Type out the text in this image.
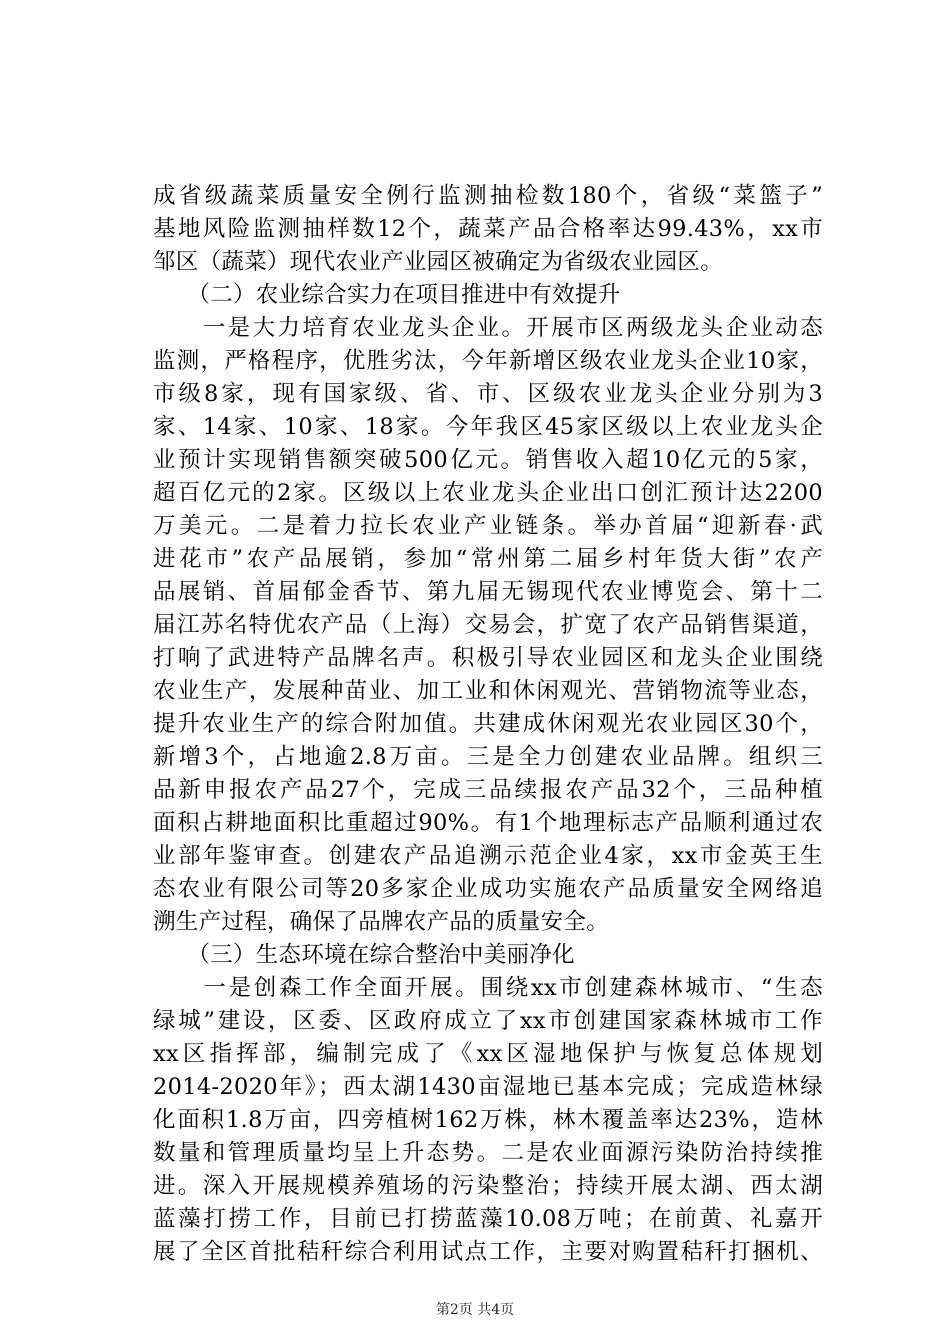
成省级蔬菜质量安全例行监测抽检数180个，省级“菜篮子”
基地风险监测抽样数12个，蔬菜产品合格率达99.43%，xx市
邹区（蔬菜）现代农业产业园区被确定为省级农业园区。
　　（二）农业综合实力在项目推进中有效提升
　　一是大力培育农业龙头企业。开展市区两级龙头企业动态
监测，严格程序，优胜劣汰，今年新增区级农业龙头企业10家，
市级8家，现有国家级、省、市、区级农业龙头企业分别为3
家、14家、10家、18家。今年我区45家区级以上农业龙头企
业预计实现销售额突破500亿元。销售收入超10亿元的5家，
超百亿元的2家。区级以上农业龙头企业出口创汇预计达2200
万美元。二是着力拉长农业产业链条。举办首届“迎新春·武
进花市”农产品展销，参加“常州第二届乡村年货大街”农产
品展销、首届郁金香节、第九届无锡现代农业博览会、第十二
届江苏名特优农产品（上海）交易会，扩宽了农产品销售渠道，
打响了武进特产品牌名声。积极引导农业园区和龙头企业围绕
农业生产，发展种苗业、加工业和休闲观光、营销物流等业态，
提升农业生产的综合附加值。共建成休闲观光农业园区30个，
新增3个，占地逾2.8万亩。三是全力创建农业品牌。组织三
品新申报农产品27个，完成三品续报农产品32个，三品种植
面积占耕地面积比重超过90%。有1个地理标志产品顺利通过农
业部年鉴审查。创建农产品追溯示范企业4家，xx市金英王生
态农业有限公司等20多家企业成功实施农产品质量安全网络追
溯生产过程，确保了品牌农产品的质量安全。
　　（三）生态环境在综合整治中美丽净化
　　一是创森工作全面开展。围绕xx市创建森林城市、“生态
绿城”建设，区委、区政府成立了xx市创建国家森林城市工作
xx区指挥部，编制完成了《xx区湿地保护与恢复总体规划
2014-2020年》；西太湖1430亩湿地已基本完成；完成造林绿
化面积1.8万亩，四旁植树162万株，林木覆盖率达23%，造林
数量和管理质量均呈上升态势。二是农业面源污染防治持续推
进。深入开展规模养殖场的污染整治；持续开展太湖、西太湖
蓝藻打捞工作，目前已打捞蓝藻10.08万吨；在前黄、礼嘉开
展了全区首批秸秆综合利用试点工作，主要对购置秸秆打捆机、
第2页 共4页
